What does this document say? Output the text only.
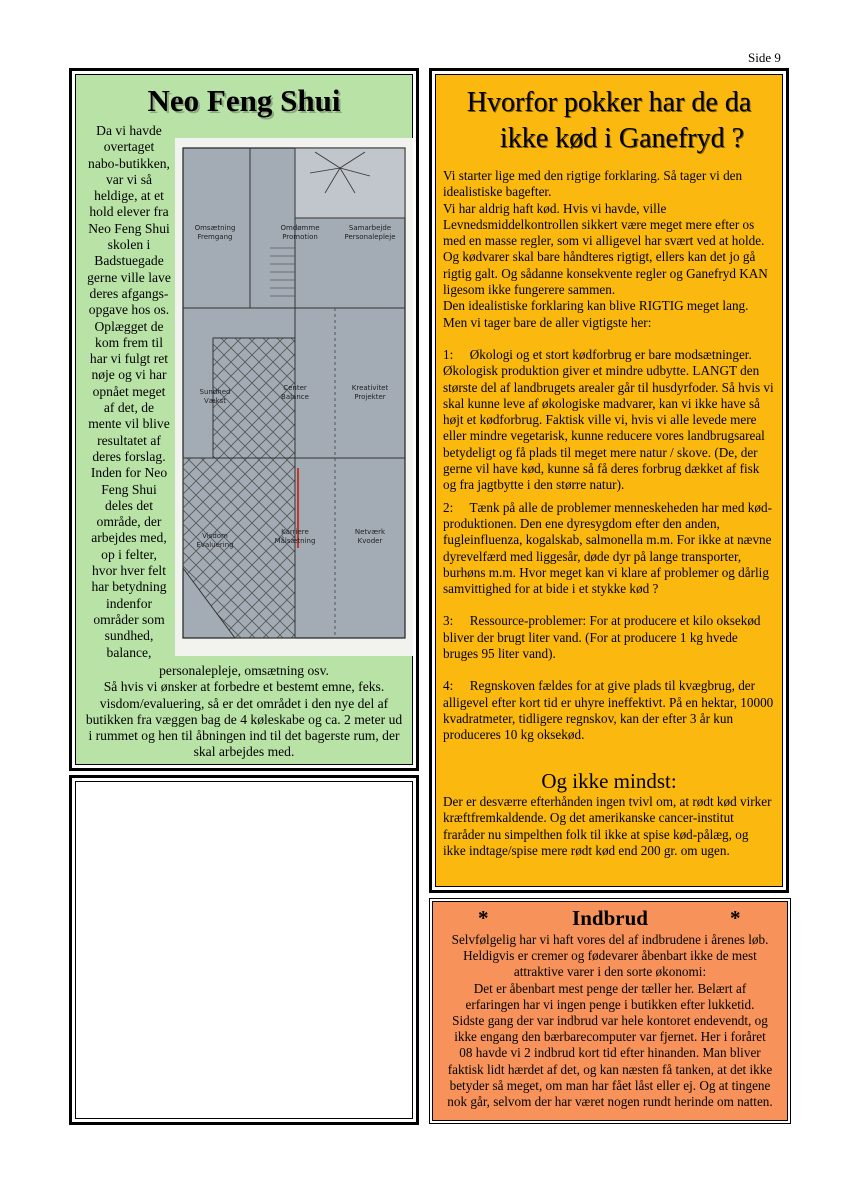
Side 9
Neo Feng Shui
Da vi havde
overtaget
nabo-butikken,
var vi så
heldige, at et
hold elever fra
Neo Feng Shui
skolen i
Badstuegade
gerne ville lave
deres afgangs-
opgave hos os.
Oplægget de
kom frem til
har vi fulgt ret
nøje og vi har
opnået meget
af det, de
mente vil blive
resultatet af
deres forslag.
Inden for Neo
Feng Shui
deles det
område, der
arbejdes med,
op i felter,
hvor hver felt
har betydning
indenfor
områder som
sundhed,
balance,
Omsætning
Fremgang
Omdømme
Promotion
Samarbejde
Personalepleje
Sundhed
Vækst
Center
Balance
Kreativitet
Projekter
Visdom
Evaluering
Karriere
Målsætning
Netværk
Kvoder
personalepleje, omsætning osv.
Så hvis vi ønsker at forbedre et bestemt emne, feks.
visdom/evaluering, så er det området i den nye del af
butikken fra væggen bag de 4 køleskabe og ca. 2 meter ud
i rummet og hen til åbningen ind til det bagerste rum, der
skal arbejdes med.
Hvorfor pokker har de da
ikke kød i Ganefryd ?

Vi starter lige med den rigtige forklaring. Så tager vi den idealistiske bagefter.

Vi har aldrig haft kød. Hvis vi havde, ville Levnedsmiddelkontrollen sikkert være meget mere efter os med en masse regler, som vi alligevel har svært ved at holde. Og kødvarer skal bare håndteres rigtigt, ellers kan det jo gå rigtig galt. Og sådanne konsekvente regler og Ganefryd KAN ligesom ikke fungerere sammen.

Den idealistiske forklaring kan blive RIGTIG meget lang. Men vi tager bare de aller vigtigste her:

1:     Økologi og et stort kødforbrug er bare modsætninger. Økologisk produktion giver et mindre udbytte. LANGT den største del af landbrugets arealer går til husdyrfoder. Så hvis vi skal kunne leve af økologiske madvarer, kan vi ikke have så højt et kødforbrug. Faktisk ville vi, hvis vi alle levede mere eller mindre vegetarisk, kunne reducere vores landbrugsareal betydeligt og få plads til meget mere natur / skove. (De, der gerne vil have kød, kunne så få deres forbrug dækket af fisk og fra jagtbytte i den større natur).

2:     Tænk på alle de problemer menneskeheden har med kød-produktionen. Den ene dyresygdom efter den anden, fugleinfluenza, kogalskab, salmonella m.m. For ikke at nævne dyrevelfærd med liggesår, døde dyr på lange transporter, burhøns m.m. Hvor meget kan vi klare af problemer og dårlig samvittighed for at bide i et stykke kød ?

3:     Ressource-problemer: For at producere et kilo oksekød bliver der brugt liter vand. (For at producere 1 kg hvede bruges 95 liter vand).

4:     Regnskoven fældes for at give plads til kvægbrug, der alligevel efter kort tid er uhyre ineffektivt. På en hektar, 10000 kvadratmeter, tidligere regnskov, kan der efter 3 år kun produceres 10 kg oksekød.

Og ikke mindst:
Der er desværre efterhånden ingen tvivl om, at rødt kød virker kræftfremkaldende. Og det amerikanske cancer-institut fraråder nu simpelthen folk til ikke at spise kød-pålæg, og ikke indtage/spise mere rødt kød end 200 gr. om ugen.
*	Indbrud	*
Selvfølgelig har vi haft vores del af indbrudene i årenes løb.
Heldigvis er cremer og fødevarer åbenbart ikke de mest
attraktive varer i den sorte økonomi:
Det er åbenbart mest penge der tæller her. Belært af
erfaringen har vi ingen penge i butikken efter lukketid.
Sidste gang der var indbrud var hele kontoret endevendt, og
ikke engang den bærbarecomputer var fjernet. Her i foråret
08 havde vi 2 indbrud kort tid efter hinanden. Man bliver
faktisk lidt hærdet af det, og kan næsten få tanken, at det ikke
betyder så meget, om man har fået låst eller ej. Og at tingene
nok går, selvom der har været nogen rundt herinde om natten.
